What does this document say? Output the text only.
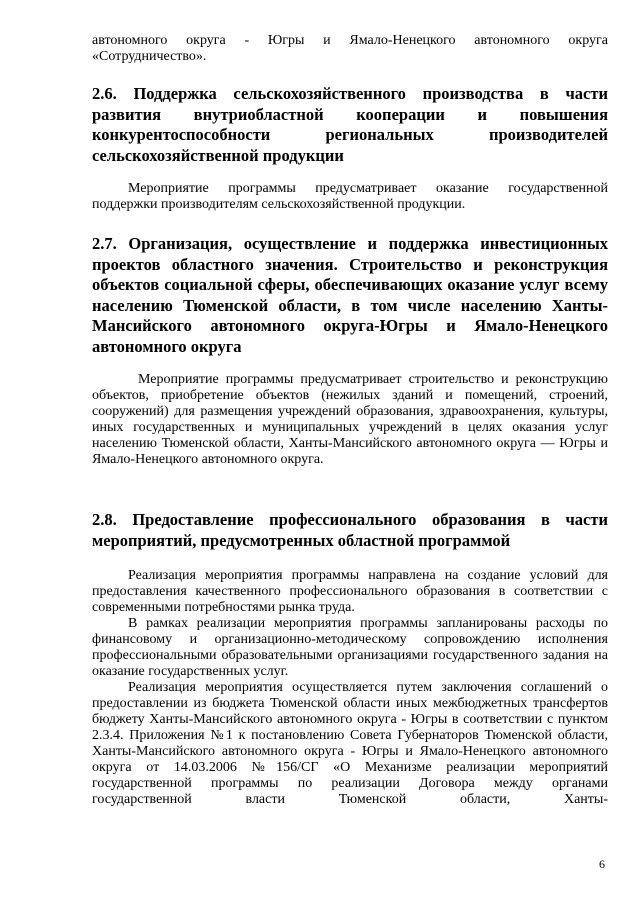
автономного округа - Югры и Ямало-Ненецкого автономного округа «Сотрудничество».

2.6. Поддержка сельскохозяйственного производства в части развития внутриобластной кооперации и повышения конкурентоспособности региональных производителей сельскохозяйственной продукции

Мероприятие программы предусматривает оказание государственной поддержки производителям сельскохозяйственной продукции.

2.7. Организация, осуществление и поддержка инвестиционных проектов областного значения. Строительство и реконструкция объектов социальной сферы, обеспечивающих оказание услуг всему населению Тюменской области, в том числе населению Ханты-Мансийского автономного округа-Югры и Ямало-Ненецкого автономного округа

Мероприятие программы предусматривает строительство и реконструкцию объектов, приобретение объектов (нежилых зданий и помещений, строений, сооружений) для размещения учреждений образования, здравоохранения, культуры, иных государственных и муниципальных учреждений в целях оказания услуг населению Тюменской области, Ханты-Мансийского автономного округа — Югры и Ямало-Ненецкого автономного округа.

2.8. Предоставление профессионального образования в части мероприятий, предусмотренных областной программой

Реализация мероприятия программы направлена на создание условий для предоставления качественного профессионального образования в соответствии с современными потребностями рынка труда.

В рамках реализации мероприятия программы запланированы расходы по финансовому и организационно-методическому сопровождению исполнения профессиональными образовательными организациями государственного задания на оказание государственных услуг.

Реализация мероприятия осуществляется путем заключения соглашений о предоставлении из бюджета Тюменской области иных межбюджетных трансфертов бюджету Ханты-Мансийского автономного округа - Югры в соответствии с пунктом 2.3.4. Приложения №1 к постановлению Совета Губернаторов Тюменской области, Ханты-Мансийского автономного округа - Югры и Ямало-Ненецкого автономного округа от 14.03.2006 №156/СГ «О Механизме реализации мероприятий государственной программы по реализации Договора между органами государственной власти Тюменской области, Ханты-

6
